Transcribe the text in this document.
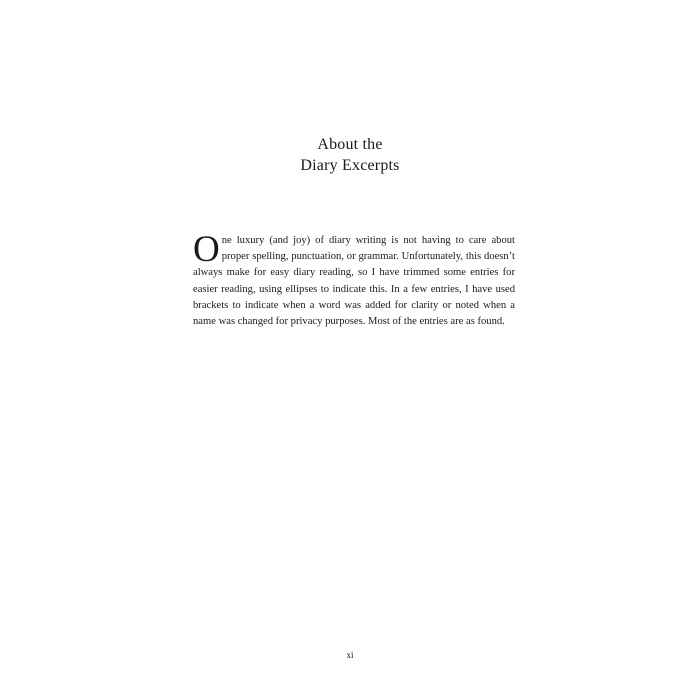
About the
Diary Excerpts
One luxury (and joy) of diary writing is not having to care about proper spelling, punctuation, or grammar. Unfortunately, this doesn’t always make for easy diary reading, so I have trimmed some entries for easier reading, using ellipses to indicate this. In a few entries, I have used brackets to indicate when a word was added for clarity or noted when a name was changed for privacy purposes. Most of the entries are as found.
xi
